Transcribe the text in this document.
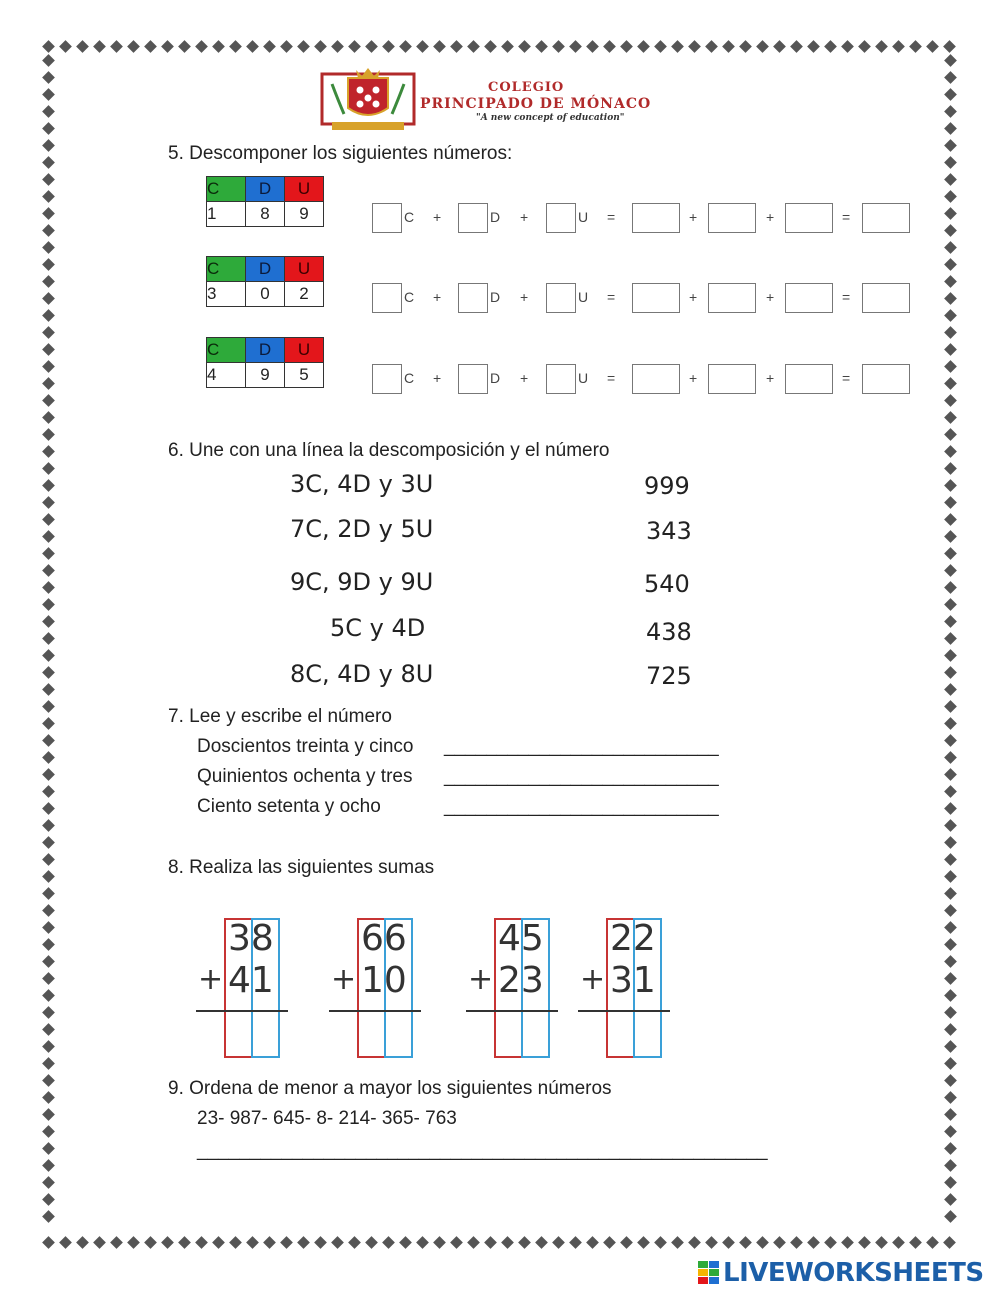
COLEGIO
PRINCIPADO DE MÓNACO
"A new concept of education"
5. Descomponer los siguientes números:
C	D	U
1	8	9	C +	D +	U =	+	+	=
C	D	U
3	0	2	C +	D +	U =	+	+	=
C	D	U
4	9	5	C +	D +	U =	+	+	=
6. Une con una línea la descomposición y el número
3C, 4D y 3U	999
7C, 2D y 5U	343
9C, 9D y 9U	540
5C y 4D	438
8C, 4D y 8U	725
7. Lee y escribe el número
Doscientos treinta y cinco __________________________
Quinientos ochenta y tres __________________________
Ciento setenta y ocho	__________________________
8. Realiza las siguientes sumas
38
+ 41
66
+ 10
45
+ 23
22
+ 31
9. Ordena de menor a mayor los siguientes números
23- 987- 645- 8- 214- 365- 763
______________________________________________________
LIVEWORKSHEETS
